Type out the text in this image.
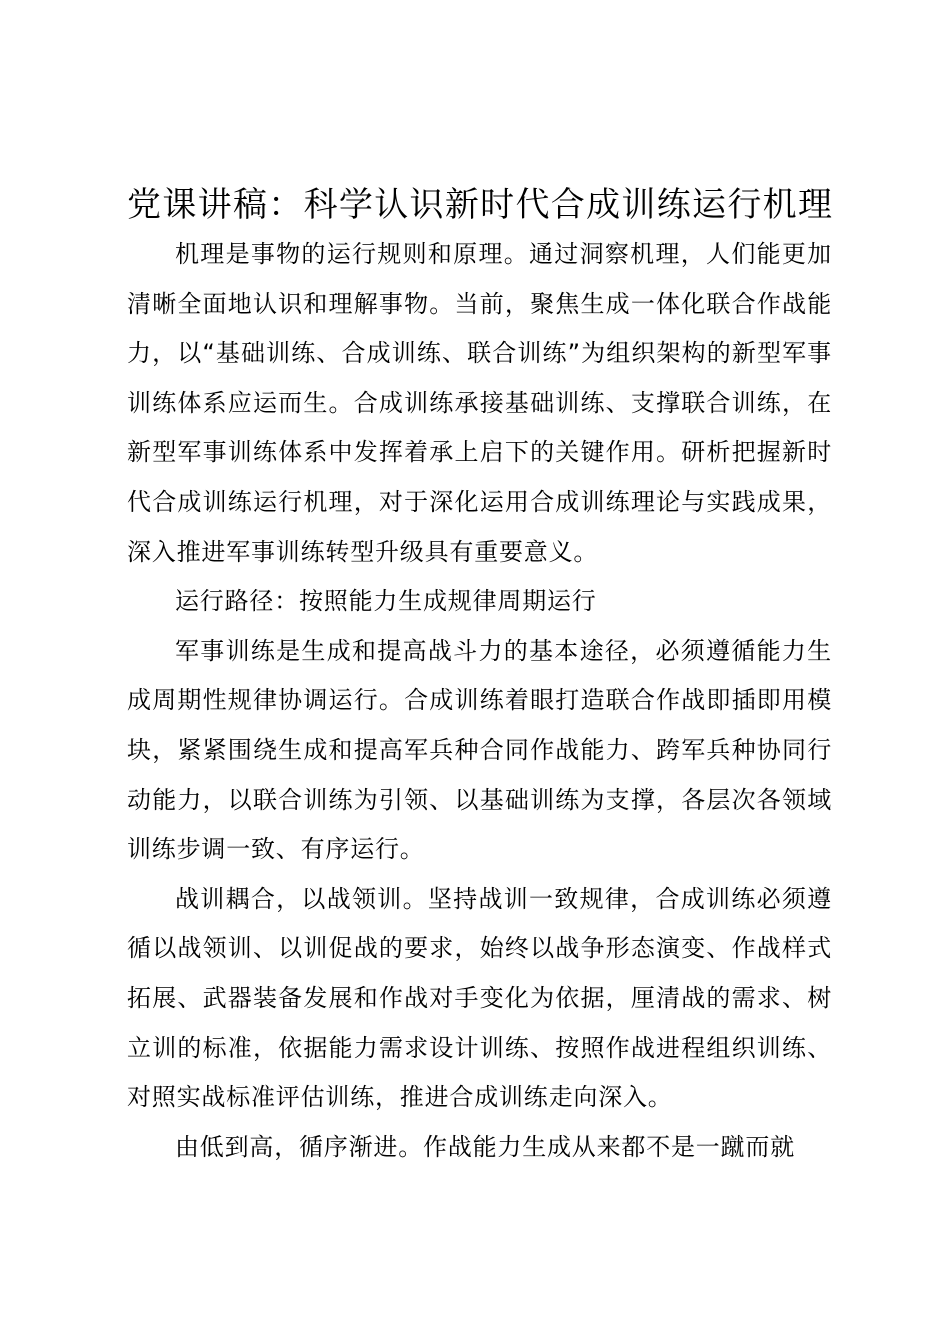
党课讲稿：科学认识新时代合成训练运行机理

机理是事物的运行规则和原理。通过洞察机理，人们能更加清晰全面地认识和理解事物。当前，聚焦生成一体化联合作战能力，以“基础训练、合成训练、联合训练”为组织架构的新型军事训练体系应运而生。合成训练承接基础训练、支撑联合训练，在新型军事训练体系中发挥着承上启下的关键作用。研析把握新时代合成训练运行机理，对于深化运用合成训练理论与实践成果，深入推进军事训练转型升级具有重要意义。

运行路径：按照能力生成规律周期运行

军事训练是生成和提高战斗力的基本途径，必须遵循能力生成周期性规律协调运行。合成训练着眼打造联合作战即插即用模块，紧紧围绕生成和提高军兵种合同作战能力、跨军兵种协同行动能力，以联合训练为引领、以基础训练为支撑，各层次各领域训练步调一致、有序运行。

战训耦合，以战领训。坚持战训一致规律，合成训练必须遵循以战领训、以训促战的要求，始终以战争形态演变、作战样式拓展、武器装备发展和作战对手变化为依据，厘清战的需求、树立训的标准，依据能力需求设计训练、按照作战进程组织训练、对照实战标准评估训练，推进合成训练走向深入。

由低到高，循序渐进。作战能力生成从来都不是一蹴而就
